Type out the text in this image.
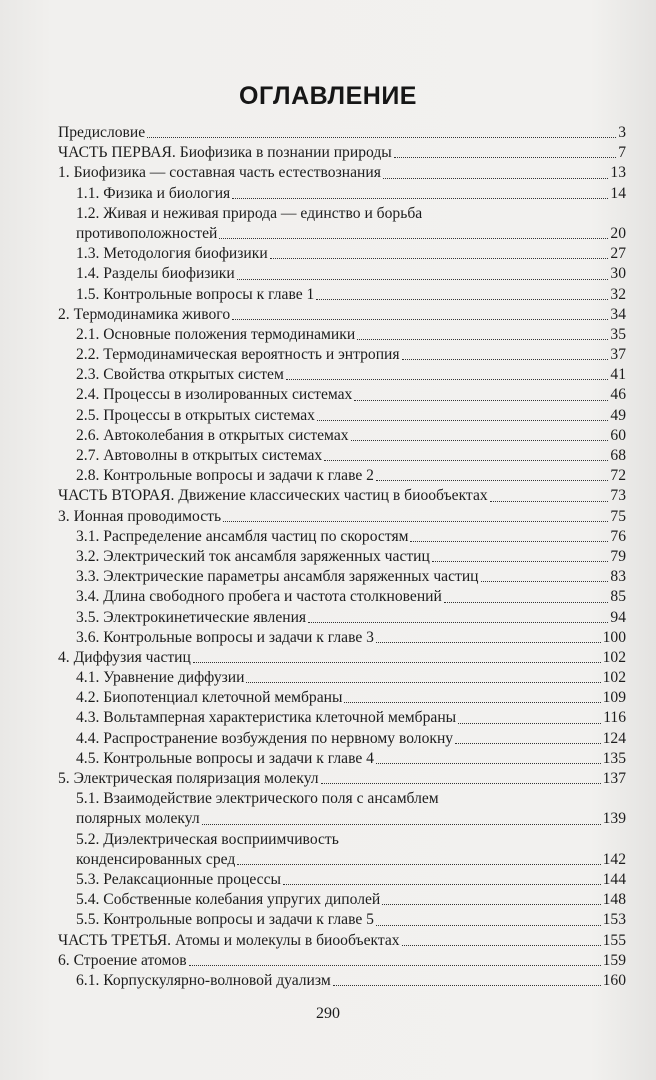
ОГЛАВЛЕНИЕ
Предисловие	3
ЧАСТЬ ПЕРВАЯ. Биофизика в познании природы	7
1. Биофизика — составная часть естествознания	13
1.1. Физика и биология	14
1.2. Живая и неживая природа — единство и борьба
противоположностей	20
1.3. Методология биофизики	27
1.4. Разделы биофизики	30
1.5. Контрольные вопросы к главе 1	32
2. Термодинамика живого	34
2.1. Основные положения термодинамики	35
2.2. Термодинамическая вероятность и энтропия	37
2.3. Свойства открытых систем	41
2.4. Процессы в изолированных системах	46
2.5. Процессы в открытых системах	49
2.6. Автоколебания в открытых системах	60
2.7. Автоволны в открытых системах	68
2.8. Контрольные вопросы и задачи к главе 2	72
ЧАСТЬ ВТОРАЯ. Движение классических частиц в биообъектах	73
3. Ионная проводимость	75
3.1. Распределение ансамбля частиц по скоростям	76
3.2. Электрический ток ансамбля заряженных частиц	79
3.3. Электрические параметры ансамбля заряженных частиц	83
3.4. Длина свободного пробега и частота столкновений	85
3.5. Электрокинетические явления	94
3.6. Контрольные вопросы и задачи к главе 3	100
4. Диффузия частиц	102
4.1. Уравнение диффузии	102
4.2. Биопотенциал клеточной мембраны	109
4.3. Вольтамперная характеристика клеточной мембраны	116
4.4. Распространение возбуждения по нервному волокну	124
4.5. Контрольные вопросы и задачи к главе 4	135
5. Электрическая поляризация молекул	137
5.1. Взаимодействие электрического поля с ансамблем
полярных молекул	139
5.2. Диэлектрическая восприимчивость
конденсированных сред	142
5.3. Релаксационные процессы	144
5.4. Собственные колебания упругих диполей	148
5.5. Контрольные вопросы и задачи к главе 5	153
ЧАСТЬ ТРЕТЬЯ. Атомы и молекулы в биообъектах	155
6. Строение атомов	159
6.1. Корпускулярно-волновой дуализм	160
290
